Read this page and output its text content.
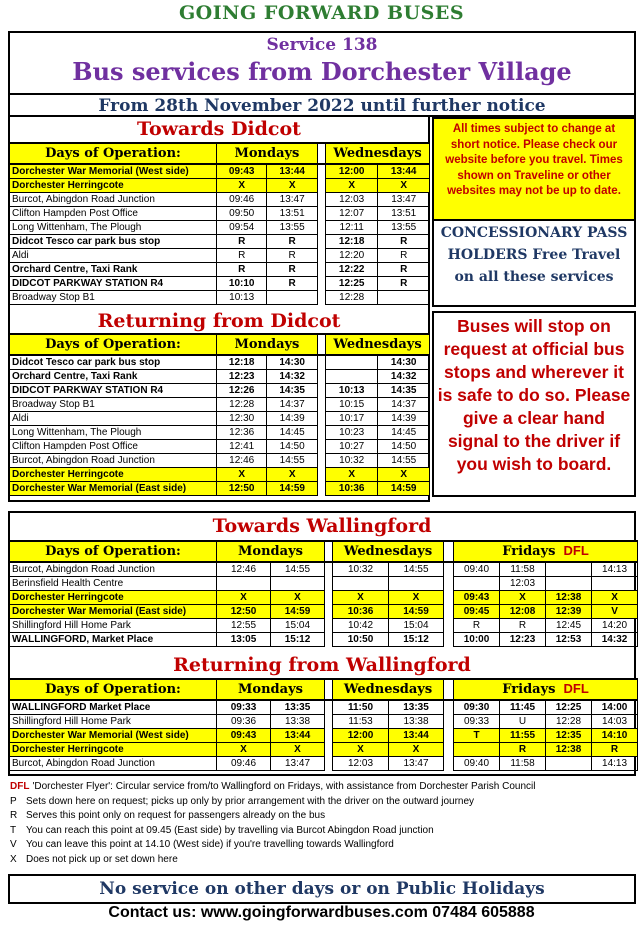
GOING FORWARD BUSES
Service 138
Bus services from Dorchester Village
From 28th November 2022 until further notice
Towards Didcot
Days of Operation:	Mondays			Wednesdays	
Dorchester War Memorial (West side)	09:43	13:44		12:00	13:44
Dorchester Herringcote	X	X		X	X
Burcot, Abingdon Road Junction	09:46	13:47		12:03	13:47
Clifton Hampden Post Office	09:50	13:51		12:07	13:51
Long Wittenham, The Plough	09:54	13:55		12:11	13:55
Didcot Tesco car park bus stop	R	R		12:18	R
Aldi	R	R		12:20	R
Orchard Centre, Taxi Rank	R	R		12:22	R
DIDCOT PARKWAY STATION R4	10:10	R		12:25	R
Broadway Stop B1	10:13			12:28	
Returning from Didcot
Days of Operation:	Mondays			Wednesdays	
Didcot Tesco car park bus stop	12:18	14:30			14:30
Orchard Centre, Taxi Rank	12:23	14:32			14:32
DIDCOT PARKWAY STATION R4	12:26	14:35		10:13	14:35
Broadway Stop B1	12:28	14:37		10:15	14:37
Aldi	12:30	14:39		10:17	14:39
Long Wittenham, The Plough	12:36	14:45		10:23	14:45
Clifton Hampden Post Office	12:41	14:50		10:27	14:50
Burcot, Abingdon Road Junction	12:46	14:55		10:32	14:55
Dorchester Herringcote	X	X		X	X
Dorchester War Memorial (East side)	12:50	14:59		10:36	14:59
All times subject to change at short notice. Please check our website before you travel. Times shown on Traveline or other websites may not be up to date.
CONCESSIONARY PASS HOLDERS Free Travel on all these services
Buses will stop on request at official bus stops and wherever it is safe to do so. Please give a clear hand signal to the driver if you wish to board.
Towards Wallingford
Days of Operation:	Mondays			Wednesdays			Fridays DFL			
Burcot, Abingdon Road Junction	12:46	14:55		10:32	14:55		09:40	11:58		14:13
Berinsfield Health Centre								12:03		
Dorchester Herringcote	X	X		X	X		09:43	X	12:38	X
Dorchester War Memorial (East side)	12:50	14:59		10:36	14:59		09:45	12:08	12:39	V
Shillingford Hill Home Park	12:55	15:04		10:42	15:04		R	R	12:45	14:20
WALLINGFORD, Market Place	13:05	15:12		10:50	15:12		10:00	12:23	12:53	14:32
Returning from Wallingford
Days of Operation:	Mondays			Wednesdays			Fridays DFL			
WALLINGFORD Market Place	09:33	13:35		11:50	13:35		09:30	11:45	12:25	14:00
Shillingford Hill Home Park	09:36	13:38		11:53	13:38		09:33	U	12:28	14:03
Dorchester War Memorial (West side)	09:43	13:44		12:00	13:44		T	11:55	12:35	14:10
Dorchester Herringcote	X	X		X	X			R	12:38	R
Burcot, Abingdon Road Junction	09:46	13:47		12:03	13:47		09:40	11:58		14:13
DFL 'Dorchester Flyer': Circular service from/to Wallingford on Fridays, with assistance from Dorchester Parish Council
P Sets down here on request; picks up only by prior arrangement with the driver on the outward journey
R Serves this point only on request for passengers already on the bus
T You can reach this point at 09.45 (East side) by travelling via Burcot Abingdon Road junction
V You can leave this point at 14.10 (West side) if you're travelling towards Wallingford
X Does not pick up or set down here
No service on other days or on Public Holidays
Contact us: www.goingforwardbuses.com 07484 605888
